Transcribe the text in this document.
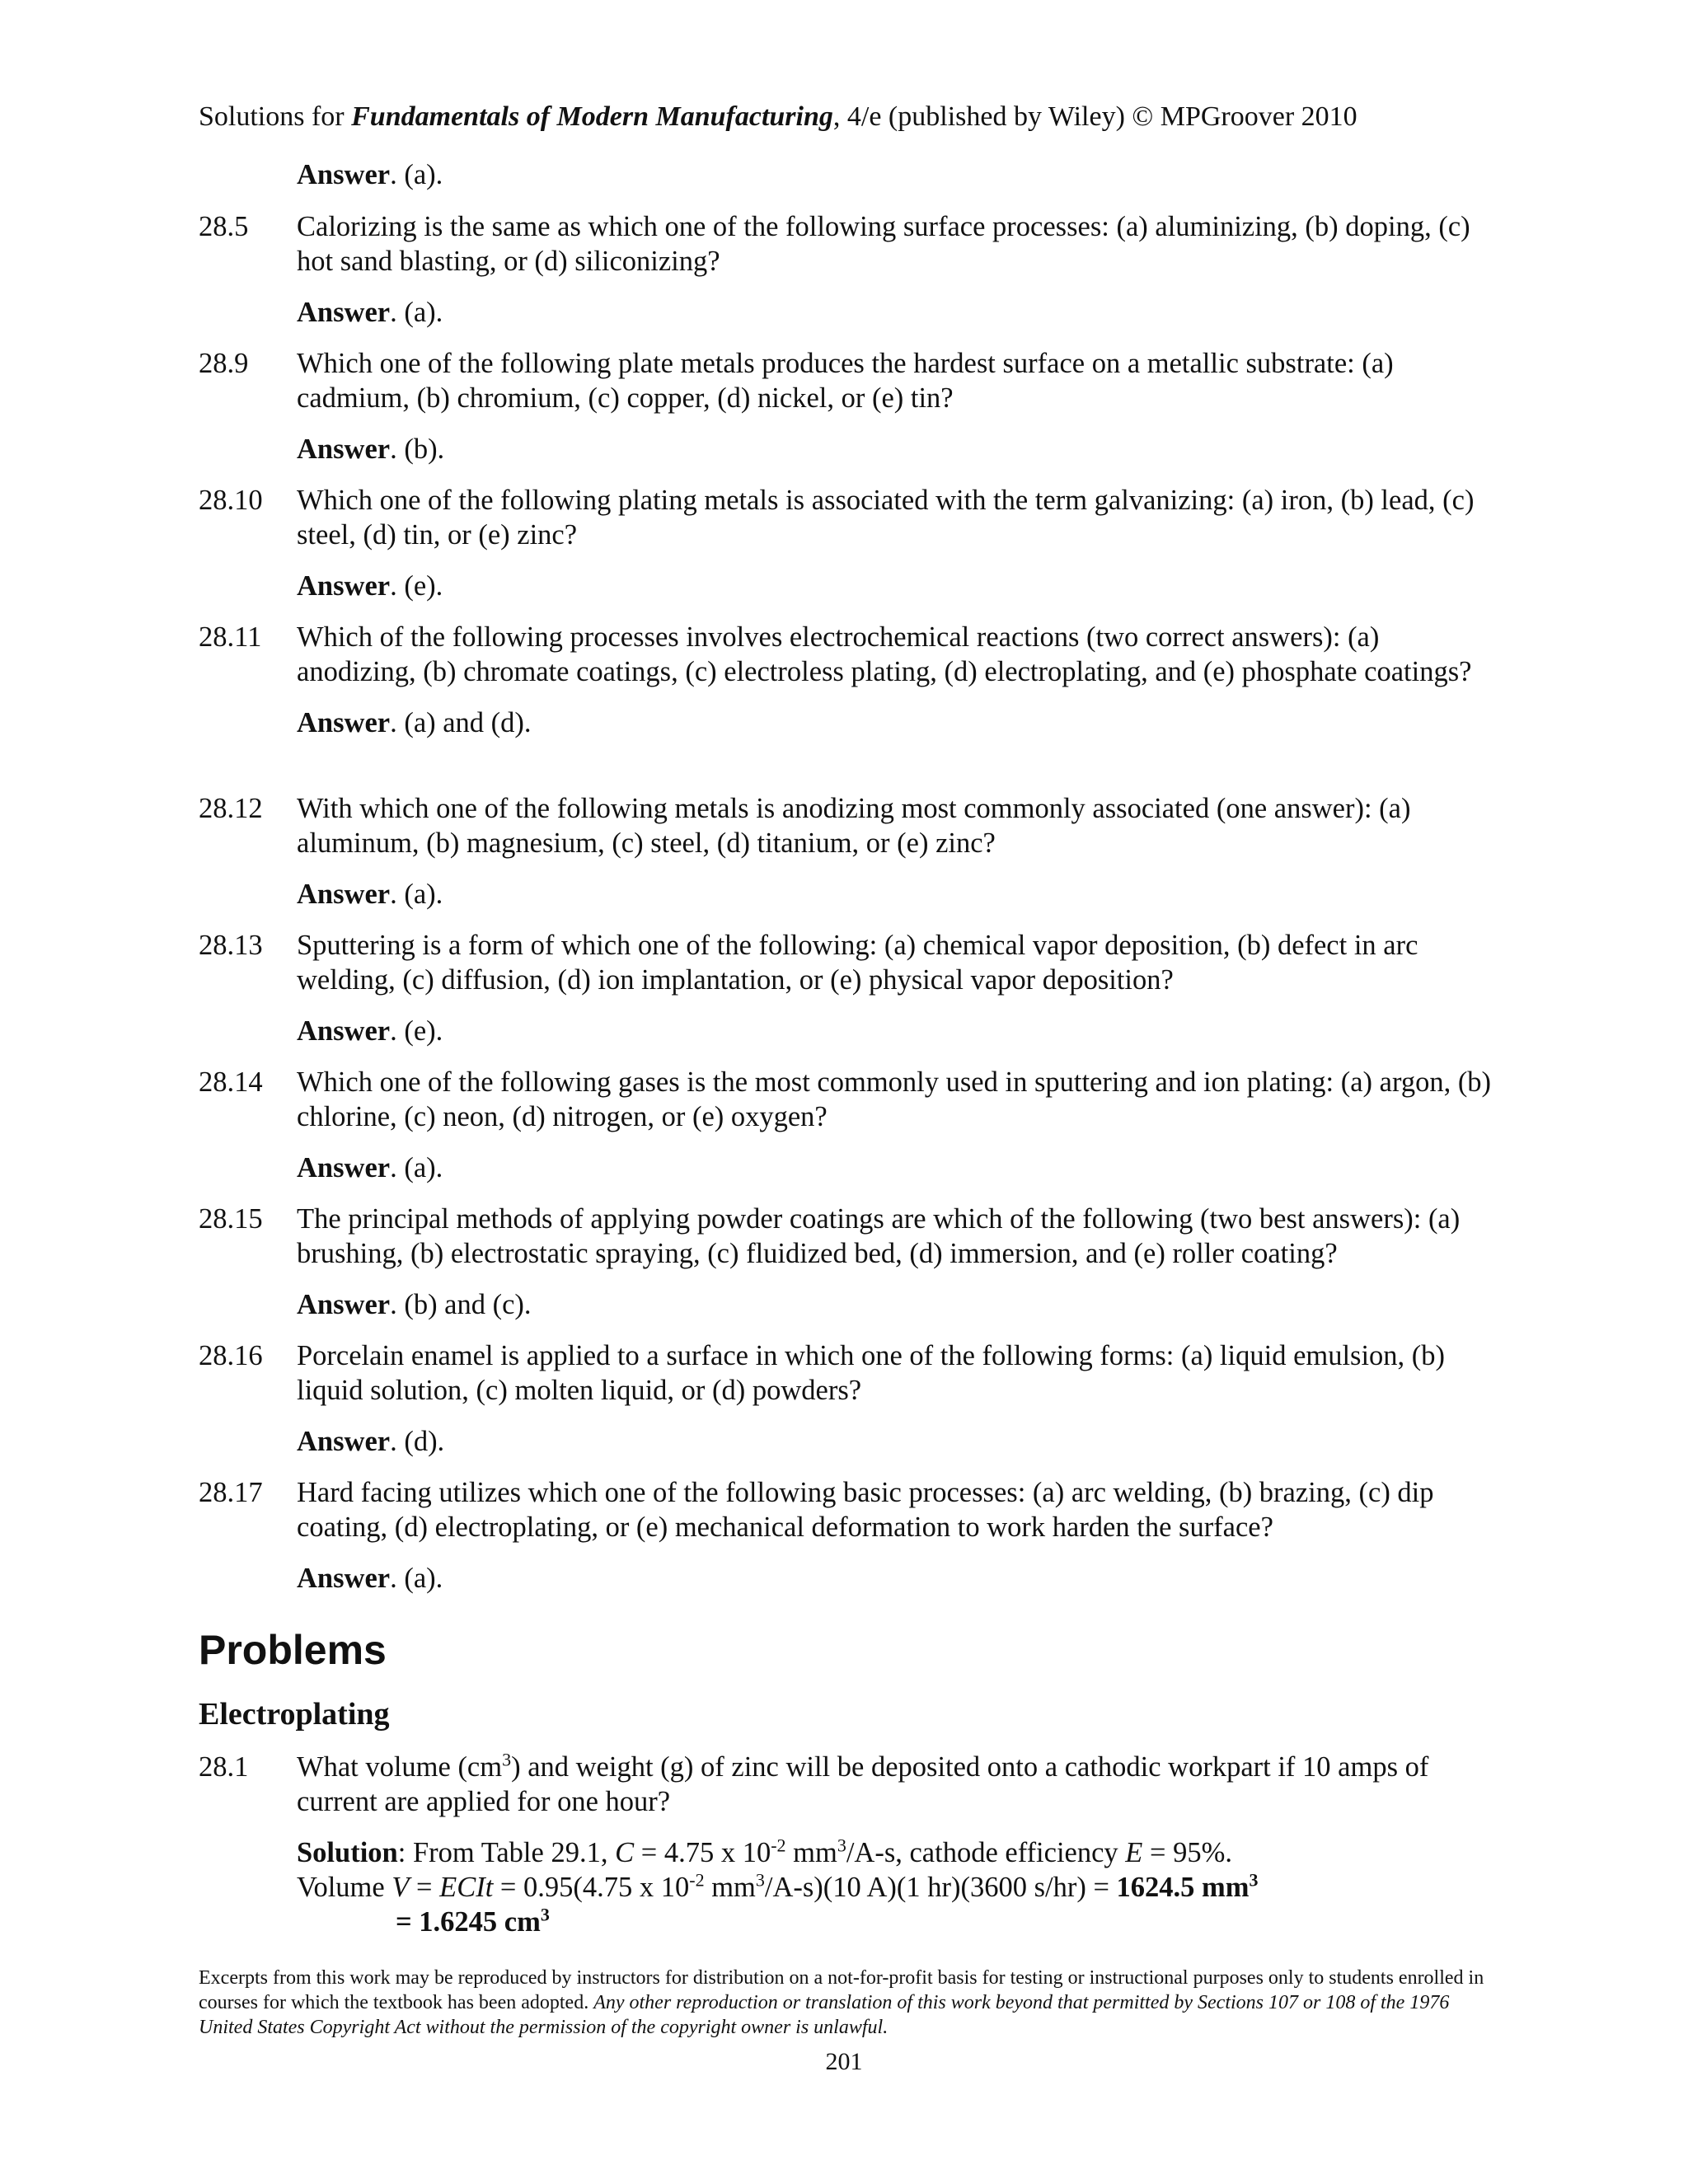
Solutions for Fundamentals of Modern Manufacturing, 4/e (published by Wiley) © MPGroover 2010
Answer. (a).
28.5	Calorizing is the same as which one of the following surface processes: (a) aluminizing, (b) doping, (c) hot sand blasting, or (d) siliconizing?
Answer. (a).
28.9	Which one of the following plate metals produces the hardest surface on a metallic substrate: (a) cadmium, (b) chromium, (c) copper, (d) nickel, or (e) tin?
Answer. (b).
28.10	Which one of the following plating metals is associated with the term galvanizing: (a) iron, (b) lead, (c) steel, (d) tin, or (e) zinc?
Answer. (e).
28.11	Which of the following processes involves electrochemical reactions (two correct answers): (a) anodizing, (b) chromate coatings, (c) electroless plating, (d) electroplating, and (e) phosphate coatings?
Answer. (a) and (d).
28.12	With which one of the following metals is anodizing most commonly associated (one answer): (a) aluminum, (b) magnesium, (c) steel, (d) titanium, or (e) zinc?
Answer. (a).
28.13	Sputtering is a form of which one of the following: (a) chemical vapor deposition, (b) defect in arc welding, (c) diffusion, (d) ion implantation, or (e) physical vapor deposition?
Answer. (e).
28.14	Which one of the following gases is the most commonly used in sputtering and ion plating: (a) argon, (b) chlorine, (c) neon, (d) nitrogen, or (e) oxygen?
Answer. (a).
28.15	The principal methods of applying powder coatings are which of the following (two best answers): (a) brushing, (b) electrostatic spraying, (c) fluidized bed, (d) immersion, and (e) roller coating?
Answer. (b) and (c).
28.16	Porcelain enamel is applied to a surface in which one of the following forms: (a) liquid emulsion, (b) liquid solution, (c) molten liquid, or (d) powders?
Answer. (d).
28.17	Hard facing utilizes which one of the following basic processes: (a) arc welding, (b) brazing, (c) dip coating, (d) electroplating, or (e) mechanical deformation to work harden the surface?
Answer. (a).
Problems
Electroplating
28.1	What volume $(cm^3)$ and weight (g) of zinc will be deposited onto a cathodic workpart if 10 amps of current are applied for one hour?
Solution: From Table 29.1, C = 4.75 x $10^{-2}$ $mm^3/A-s$, cathode efficiency E = 95%.
Volume V = ECIt = 0.95(4.75 x $10^{-2}$ $mm^3/A-s)(10$ A)(1 hr)(3600 s/hr) = 1624.5 $mm^3$
= 1.6245 $cm^3$
Excerpts from this work may be reproduced by instructors for distribution on a not-for-profit basis for testing or instructional purposes only to students enrolled in courses for which the textbook has been adopted. Any other reproduction or translation of this work beyond that permitted by Sections 107 or 108 of the 1976 United States Copyright Act without the permission of the copyright owner is unlawful.
201
